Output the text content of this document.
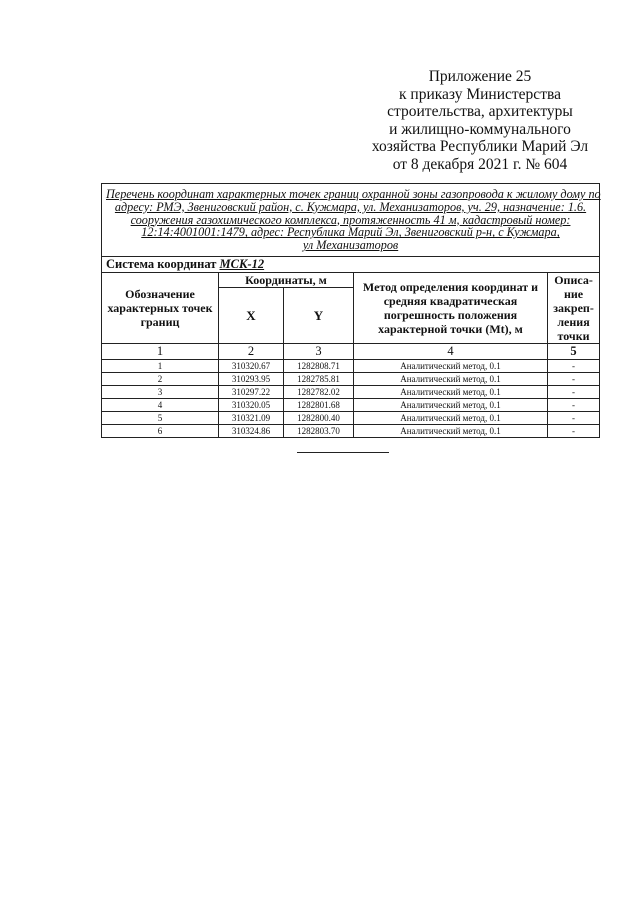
Приложение 25
к приказу Министерства
строительства, архитектуры
и жилищно-коммунального
хозяйства Республики Марий Эл
от 8 декабря 2021 г. № 604
Перечень координат характерных точек границ охранной зоны газопровода к жилому дому по
адресу: РМЭ, Звениговский район, с. Кужмара, ул. Механизаторов, уч. 29, назначение: 1.6.
сооружения газохимического комплекса, протяженность 41 м, кадастровый номер:
12:14:4001001:1479, адрес: Республика Марий Эл, Звениговский р-н, с Кужмара,
ул Механизаторов				

Система координат МСК-12				
Обозначение характерных точек границ	Координаты, м		Метод определения координат и средняя квадратическая погрешность положения характерной точки (Mt), м	Описа-ние закреп-ления точки
	X	Y		
1	2	3	4	5
1	310320.67	1282808.71	Аналитический метод, 0.1	-
2	310293.95	1282785.81	Аналитический метод, 0.1	-
3	310297.22	1282782.02	Аналитический метод, 0.1	-
4	310320.05	1282801.68	Аналитический метод, 0.1	-
5	310321.09	1282800.40	Аналитический метод, 0.1	-
6	310324.86	1282803.70	Аналитический метод, 0.1	-
